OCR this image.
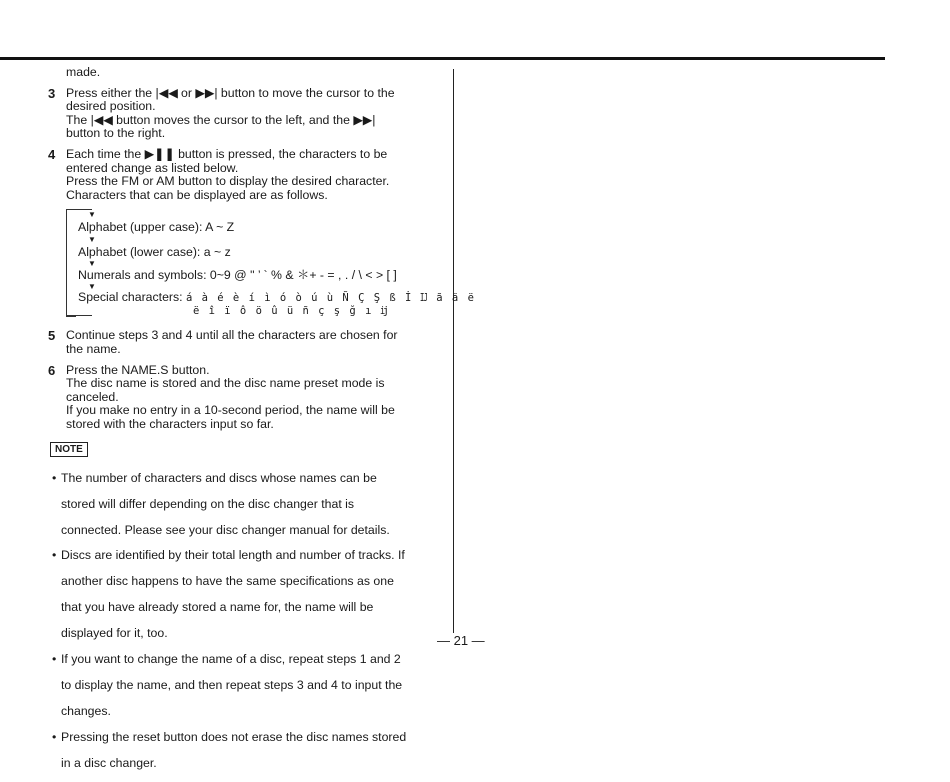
made.

3 Press either the |◀◀ or ▶▶| button to move the cursor to the

desired position.

The |◀◀ button moves the cursor to the left, and the ▶▶|

button to the right.

4 Each time the ▶❚❚ button is pressed, the characters to be

entered change as listed below.

Press the FM or AM button to display the desired character.

Characters that can be displayed are as follows.

▼
Alphabet (upper case): A ~ Z
▼
Alphabet (lower case): a ~ z
▼
Numerals and symbols: 0~9 @ " ’ ` % & ＊+ - = , . / \ < > [ ]
▼
Special characters: á à é è í ì ó ò ú ù Ñ Ç Ş ß İ Ĳ ã ä ë
ë î ï ô ö û ü ñ ç ş ğ ı ĳ
5 Continue steps 3 and 4 until all the characters are chosen for

the name.

6 Press the NAME.S button.

The disc name is stored and the disc name preset mode is

canceled.

If you make no entry in a 10-second period, the name will be

stored with the characters input so far.

NOTE
• The number of characters and discs whose names can be

stored will differ depending on the disc changer that is

connected. Please see your disc changer manual for details.

• Discs are identified by their total length and number of tracks. If

another disc happens to have the same specifications as one

that you have already stored a name for, the name will be

displayed for it, too.

• If you want to change the name of a disc, repeat steps 1 and 2

to display the name, and then repeat steps 3 and 4 to input the

changes.

• Pressing the reset button does not erase the disc names stored

in a disc changer.

— 21 —
